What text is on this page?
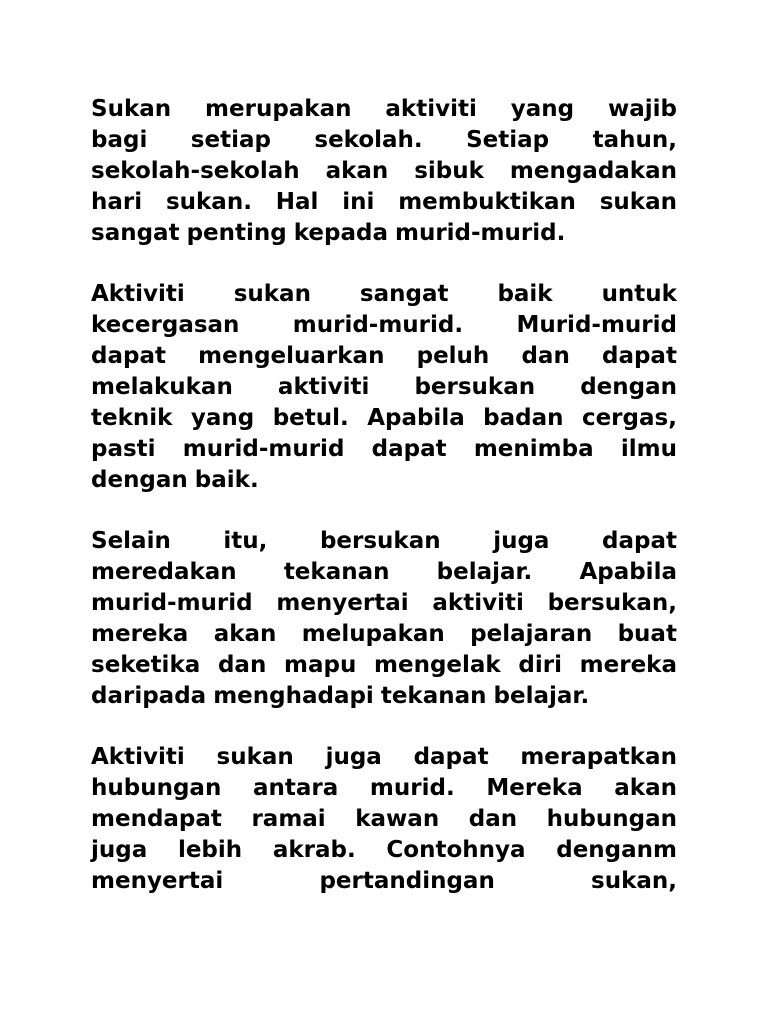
Sukan merupakan aktiviti yang wajib
bagi setiap sekolah. Setiap tahun,
sekolah-sekolah akan sibuk mengadakan
hari sukan. Hal ini membuktikan sukan
sangat penting kepada murid-murid.
Aktiviti sukan sangat baik untuk
kecergasan murid-murid. Murid-murid
dapat mengeluarkan peluh dan dapat
melakukan aktiviti bersukan dengan
teknik yang betul. Apabila badan cergas,
pasti murid-murid dapat menimba ilmu
dengan baik.
Selain itu, bersukan juga dapat
meredakan tekanan belajar. Apabila
murid-murid menyertai aktiviti bersukan,
mereka akan melupakan pelajaran buat
seketika dan mapu mengelak diri mereka
daripada menghadapi tekanan belajar.
Aktiviti sukan juga dapat merapatkan
hubungan antara murid. Mereka akan
mendapat ramai kawan dan hubungan
juga lebih akrab. Contohnya denganm
menyertai	pertandingan	sukan,
